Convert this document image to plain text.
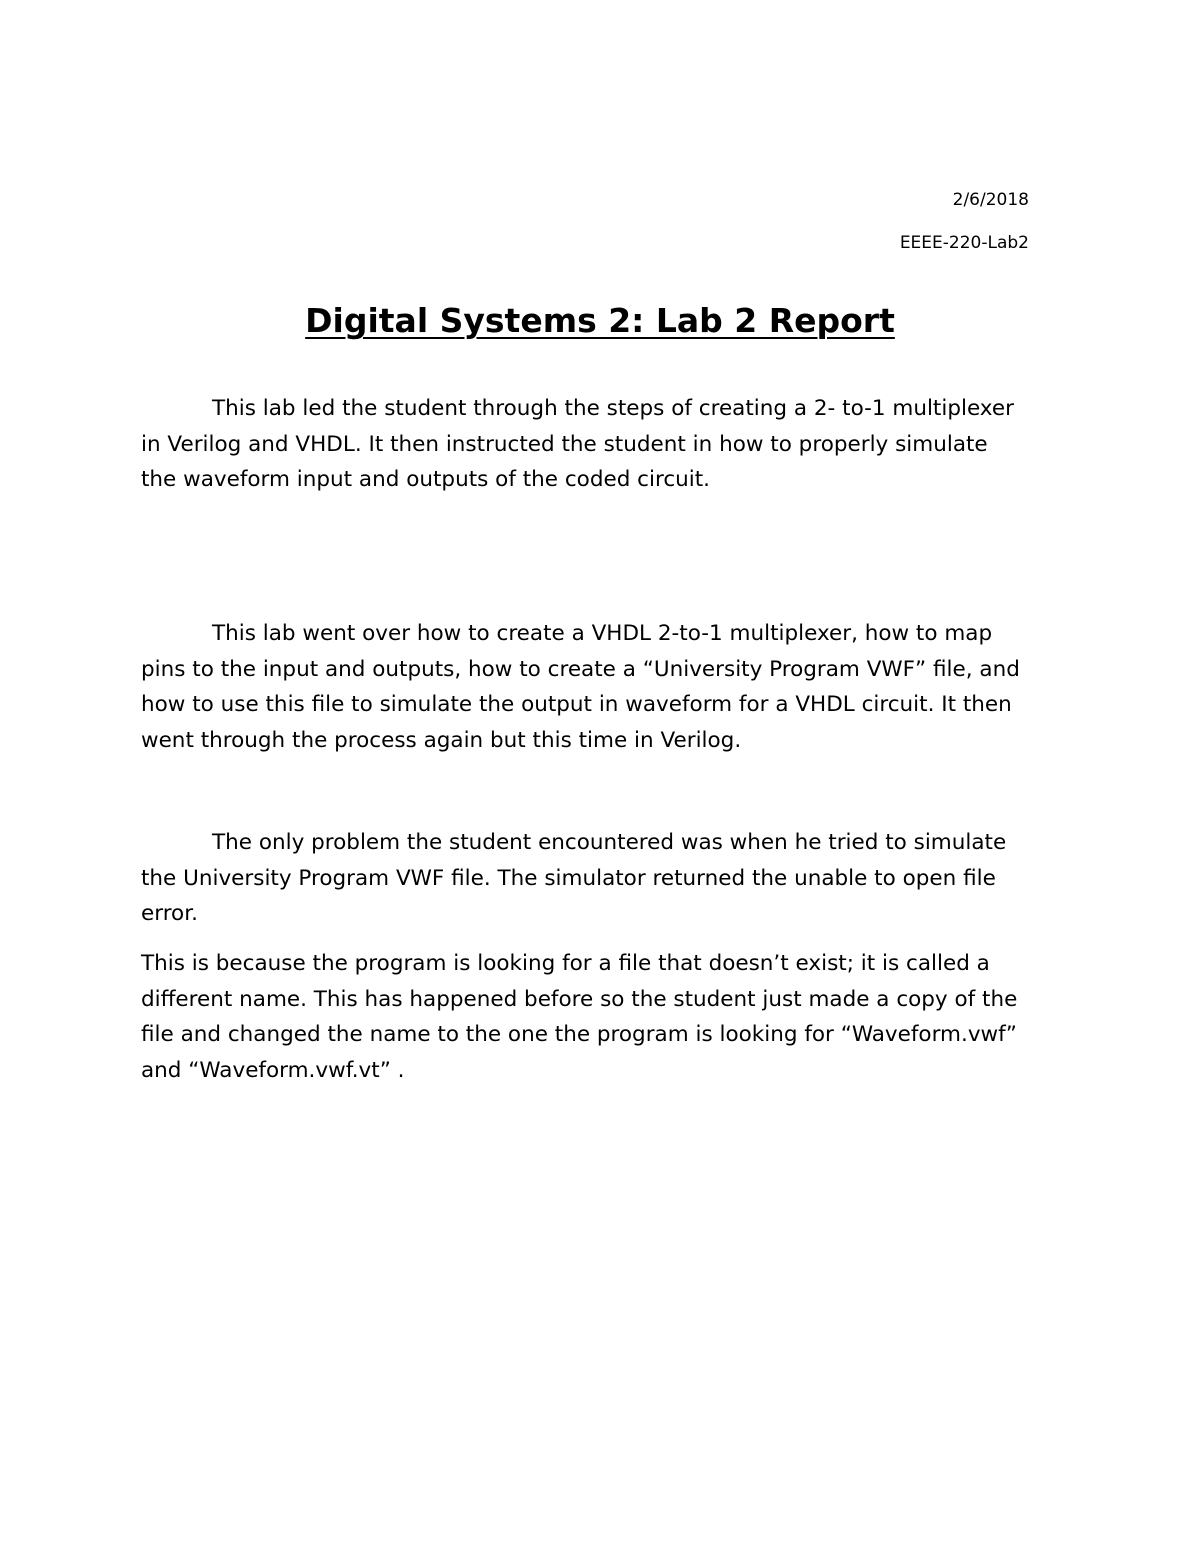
2/6/2018
EEEE-220-Lab2
Digital Systems 2: Lab 2 Report

This lab led the student through the steps of creating a 2- to-1 multiplexer
in Verilog and VHDL. It then instructed the student in how to properly simulate
the waveform input and outputs of the coded circuit.

This lab went over how to create a VHDL 2-to-1 multiplexer, how to map
pins to the input and outputs, how to create a “University Program VWF” file, and
how to use this file to simulate the output in waveform for a VHDL circuit. It then
went through the process again but this time in Verilog.

The only problem the student encountered was when he tried to simulate
the University Program VWF file. The simulator returned the unable to open file
error.

This is because the program is looking for a file that doesn’t exist; it is called a
different name. This has happened before so the student just made a copy of the
file and changed the name to the one the program is looking for “Waveform.vwf”
and “Waveform.vwf.vt” .
